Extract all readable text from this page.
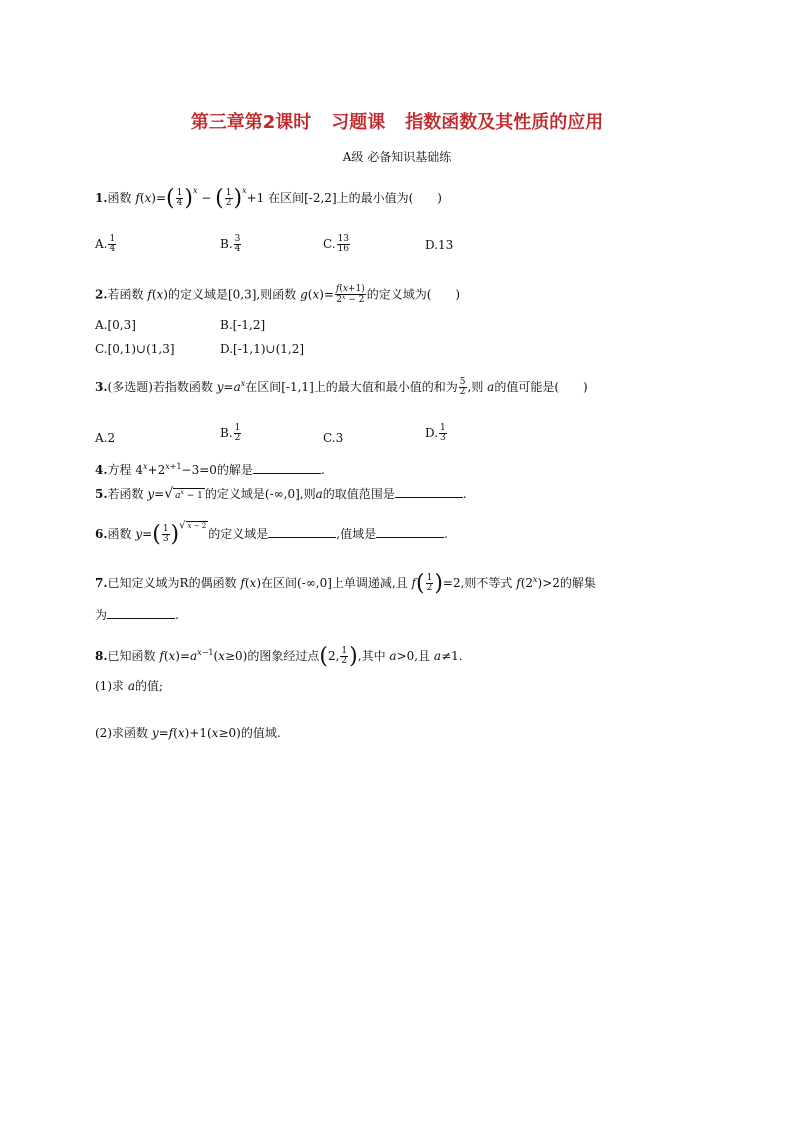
第三章第2课时 习题课 指数函数及其性质的应用
A级 必备知识基础练
1.函数 $f(x)=( \frac{1}{4} )^x$ − ( $\frac{1}{2} )^x+1$ 在区间[-2,2]上的最小值为(　　)
A. $\frac{1}{4}$	B. $\frac{3}{4}$	C. $\frac{13}{16}$	D.13
2.若函数 f(x)的定义域是[0,3],则函数 $g(x)= \frac{f(x+1)}{2^x - 2}$ 的定义域为(　　)
A.[0,3]	B.[-1,2]
C.[0,1)∪(1,3]	D.[-1,1)∪(1,2]
3.(多选题)若指数函数 $y=a^x$在区间[-1,1]上的最大值和最小值的和为 $\frac{5}{2}$ ,则 a的值可能是(　　)
A.2	B. $\frac{1}{2}$	C.3	D. $\frac{1}{3}$
4.方程 $4^x+2^{x+1}-3=0$的解是	.
5.若函数 y=√ $a^x - 1$ 的定义域是(-∞,0],则a的取值范围是	.
6.函数 $y=( \frac{1}{3} )^{√ x - 2}$的定义域是	,值域是	.
7.已知定义域为R的偶函数 f(x)在区间(-∞,0]上单调递减,且 $f( \frac{1}{2} )=2$,则不等式 $f(2^x)>2$的解集
为	.
8.已知函数 $f(x)=a^{x-1}(x\ge 0)$的图象经过点(2, $\frac{1}{2}$ ),其中 a>0,且 a≠1.
(1)求 a的值;
(2)求函数 y=f(x)+1(x≥0)的值域.
